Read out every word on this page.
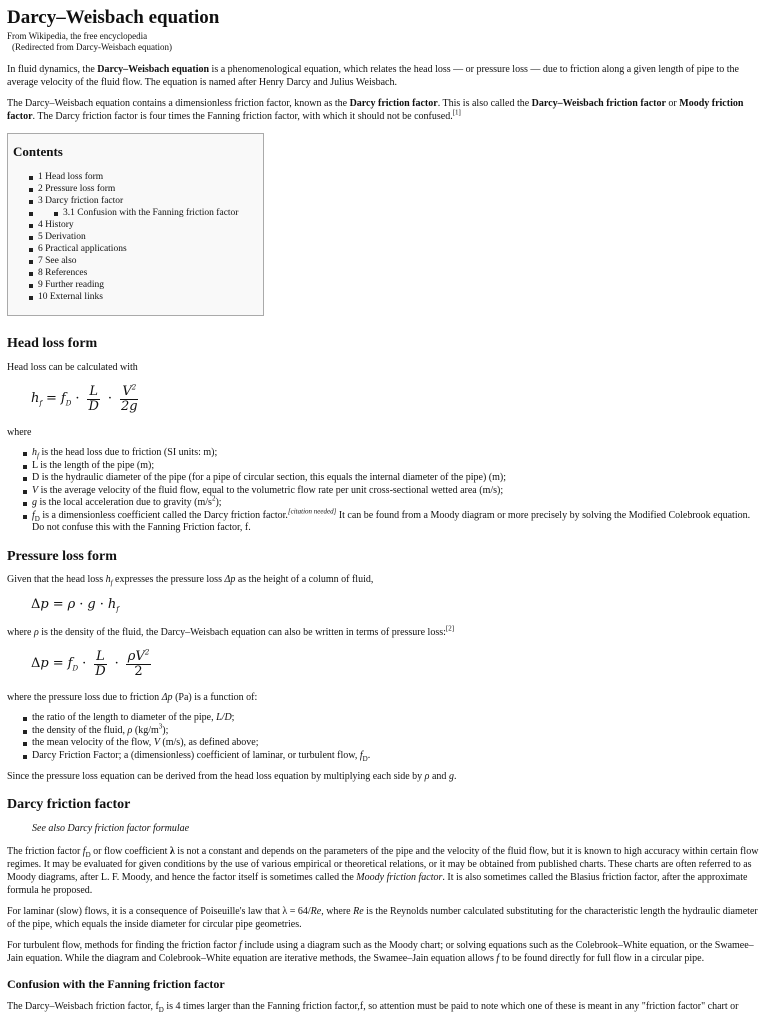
Darcy–Weisbach equation
From Wikipedia, the free encyclopedia
(Redirected from Darcy-Weisbach equation)

In fluid dynamics, the Darcy–Weisbach equation is a phenomenological equation, which relates the head loss — or pressure loss — due to friction along a given length of pipe to the average velocity of the fluid flow. The equation is named after Henry Darcy and Julius Weisbach.

The Darcy–Weisbach equation contains a dimensionless friction factor, known as the Darcy friction factor. This is also called the Darcy–Weisbach friction factor or Moody friction factor. The Darcy friction factor is four times the Fanning friction factor, with which it should not be confused.[1]

Contents
1 Head loss form
2 Pressure loss form
3 Darcy friction factor
3.1 Confusion with the Fanning friction factor
4 History
5 Derivation
6 Practical applications
7 See also
8 References
9 Further reading
10 External links
Head loss form

Head loss can be calculated with

$h_f = f_D \cdot \frac{L}{D} \cdot \frac{V^2}{2g}$

where

$h_f$ is the head loss due to friction (SI units: m);
L is the length of the pipe (m);
D is the hydraulic diameter of the pipe (for a pipe of circular section, this equals the internal diameter of the pipe) (m);
V is the average velocity of the fluid flow, equal to the volumetric flow rate per unit cross-sectional wetted area (m/s);
g is the local acceleration due to gravity $(m/s^2)$;
$f_D$ is a dimensionless coefficient called the Darcy friction factor.[citation needed] It can be found from a Moody diagram or more precisely by solving the Modified Colebrook equation. Do not confuse this with the Fanning Friction factor, f.
Pressure loss form

Given that the head loss $h_f$ expresses the pressure loss Δp as the height of a column of fluid,

Δ $p = \rho \cdot g \cdot h_f$

where ρ is the density of the fluid, the Darcy–Weisbach equation can also be written in terms of pressure loss:[2]

Δ $p = f_D \cdot \frac{L}{D} \cdot \frac{\rho V^2}{2}$

where the pressure loss due to friction Δp (Pa) is a function of:

the ratio of the length to diameter of the pipe, L/D;
the density of the fluid, ρ $(kg/m^3)$;
the mean velocity of the flow, V (m/s), as defined above;
Darcy Friction Factor; a (dimensionless) coefficient of laminar, or turbulent flow, $f_D$.

Since the pressure loss equation can be derived from the head loss equation by multiplying each side by ρ and g.

Darcy friction factor
See also Darcy friction factor formulae

The friction factor $f_D$ or flow coefficient λ is not a constant and depends on the parameters of the pipe and the velocity of the fluid flow, but it is known to high accuracy within certain flow regimes. It may be evaluated for given conditions by the use of various empirical or theoretical relations, or it may be obtained from published charts. These charts are often referred to as Moody diagrams, after L. F. Moody, and hence the factor itself is sometimes called the Moody friction factor. It is also sometimes called the Blasius friction factor, after the approximate formula he proposed.

For laminar (slow) flows, it is a consequence of Poiseuille's law that λ = 64/Re, where Re is the Reynolds number calculated substituting for the characteristic length the hydraulic diameter of the pipe, which equals the inside diameter for circular pipe geometries.

For turbulent flow, methods for finding the friction factor f include using a diagram such as the Moody chart; or solving equations such as the Colebrook–White equation, or the Swamee–Jain equation. While the diagram and Colebrook–White equation are iterative methods, the Swamee–Jain equation allows f to be found directly for full flow in a circular pipe.

Confusion with the Fanning friction factor

The Darcy–Weisbach friction factor, $f_D$ is 4 times larger than the Fanning friction factor,f, so attention must be paid to note which one of these is meant in any "friction factor" chart or
